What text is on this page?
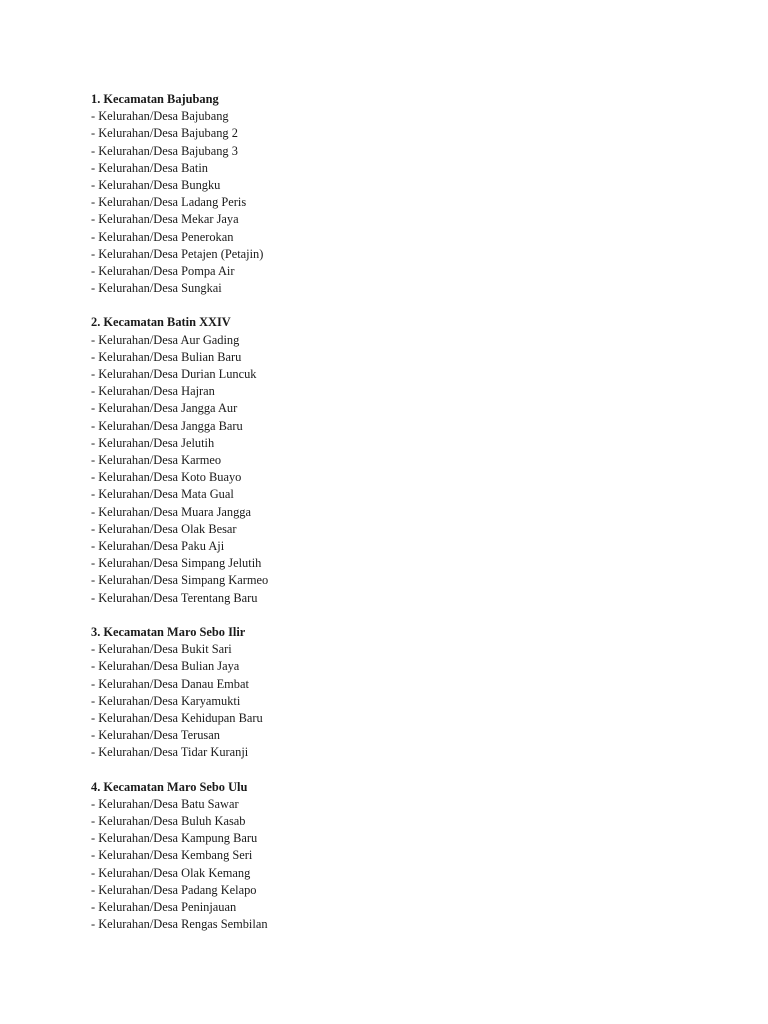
1. Kecamatan Bajubang
- Kelurahan/Desa Bajubang
- Kelurahan/Desa Bajubang 2
- Kelurahan/Desa Bajubang 3
- Kelurahan/Desa Batin
- Kelurahan/Desa Bungku
- Kelurahan/Desa Ladang Peris
- Kelurahan/Desa Mekar Jaya
- Kelurahan/Desa Penerokan
- Kelurahan/Desa Petajen (Petajin)
- Kelurahan/Desa Pompa Air
- Kelurahan/Desa Sungkai
2. Kecamatan Batin XXIV
- Kelurahan/Desa Aur Gading
- Kelurahan/Desa Bulian Baru
- Kelurahan/Desa Durian Luncuk
- Kelurahan/Desa Hajran
- Kelurahan/Desa Jangga Aur
- Kelurahan/Desa Jangga Baru
- Kelurahan/Desa Jelutih
- Kelurahan/Desa Karmeo
- Kelurahan/Desa Koto Buayo
- Kelurahan/Desa Mata Gual
- Kelurahan/Desa Muara Jangga
- Kelurahan/Desa Olak Besar
- Kelurahan/Desa Paku Aji
- Kelurahan/Desa Simpang Jelutih
- Kelurahan/Desa Simpang Karmeo
- Kelurahan/Desa Terentang Baru
3. Kecamatan Maro Sebo Ilir
- Kelurahan/Desa Bukit Sari
- Kelurahan/Desa Bulian Jaya
- Kelurahan/Desa Danau Embat
- Kelurahan/Desa Karyamukti
- Kelurahan/Desa Kehidupan Baru
- Kelurahan/Desa Terusan
- Kelurahan/Desa Tidar Kuranji
4. Kecamatan Maro Sebo Ulu
- Kelurahan/Desa Batu Sawar
- Kelurahan/Desa Buluh Kasab
- Kelurahan/Desa Kampung Baru
- Kelurahan/Desa Kembang Seri
- Kelurahan/Desa Olak Kemang
- Kelurahan/Desa Padang Kelapo
- Kelurahan/Desa Peninjauan
- Kelurahan/Desa Rengas Sembilan
